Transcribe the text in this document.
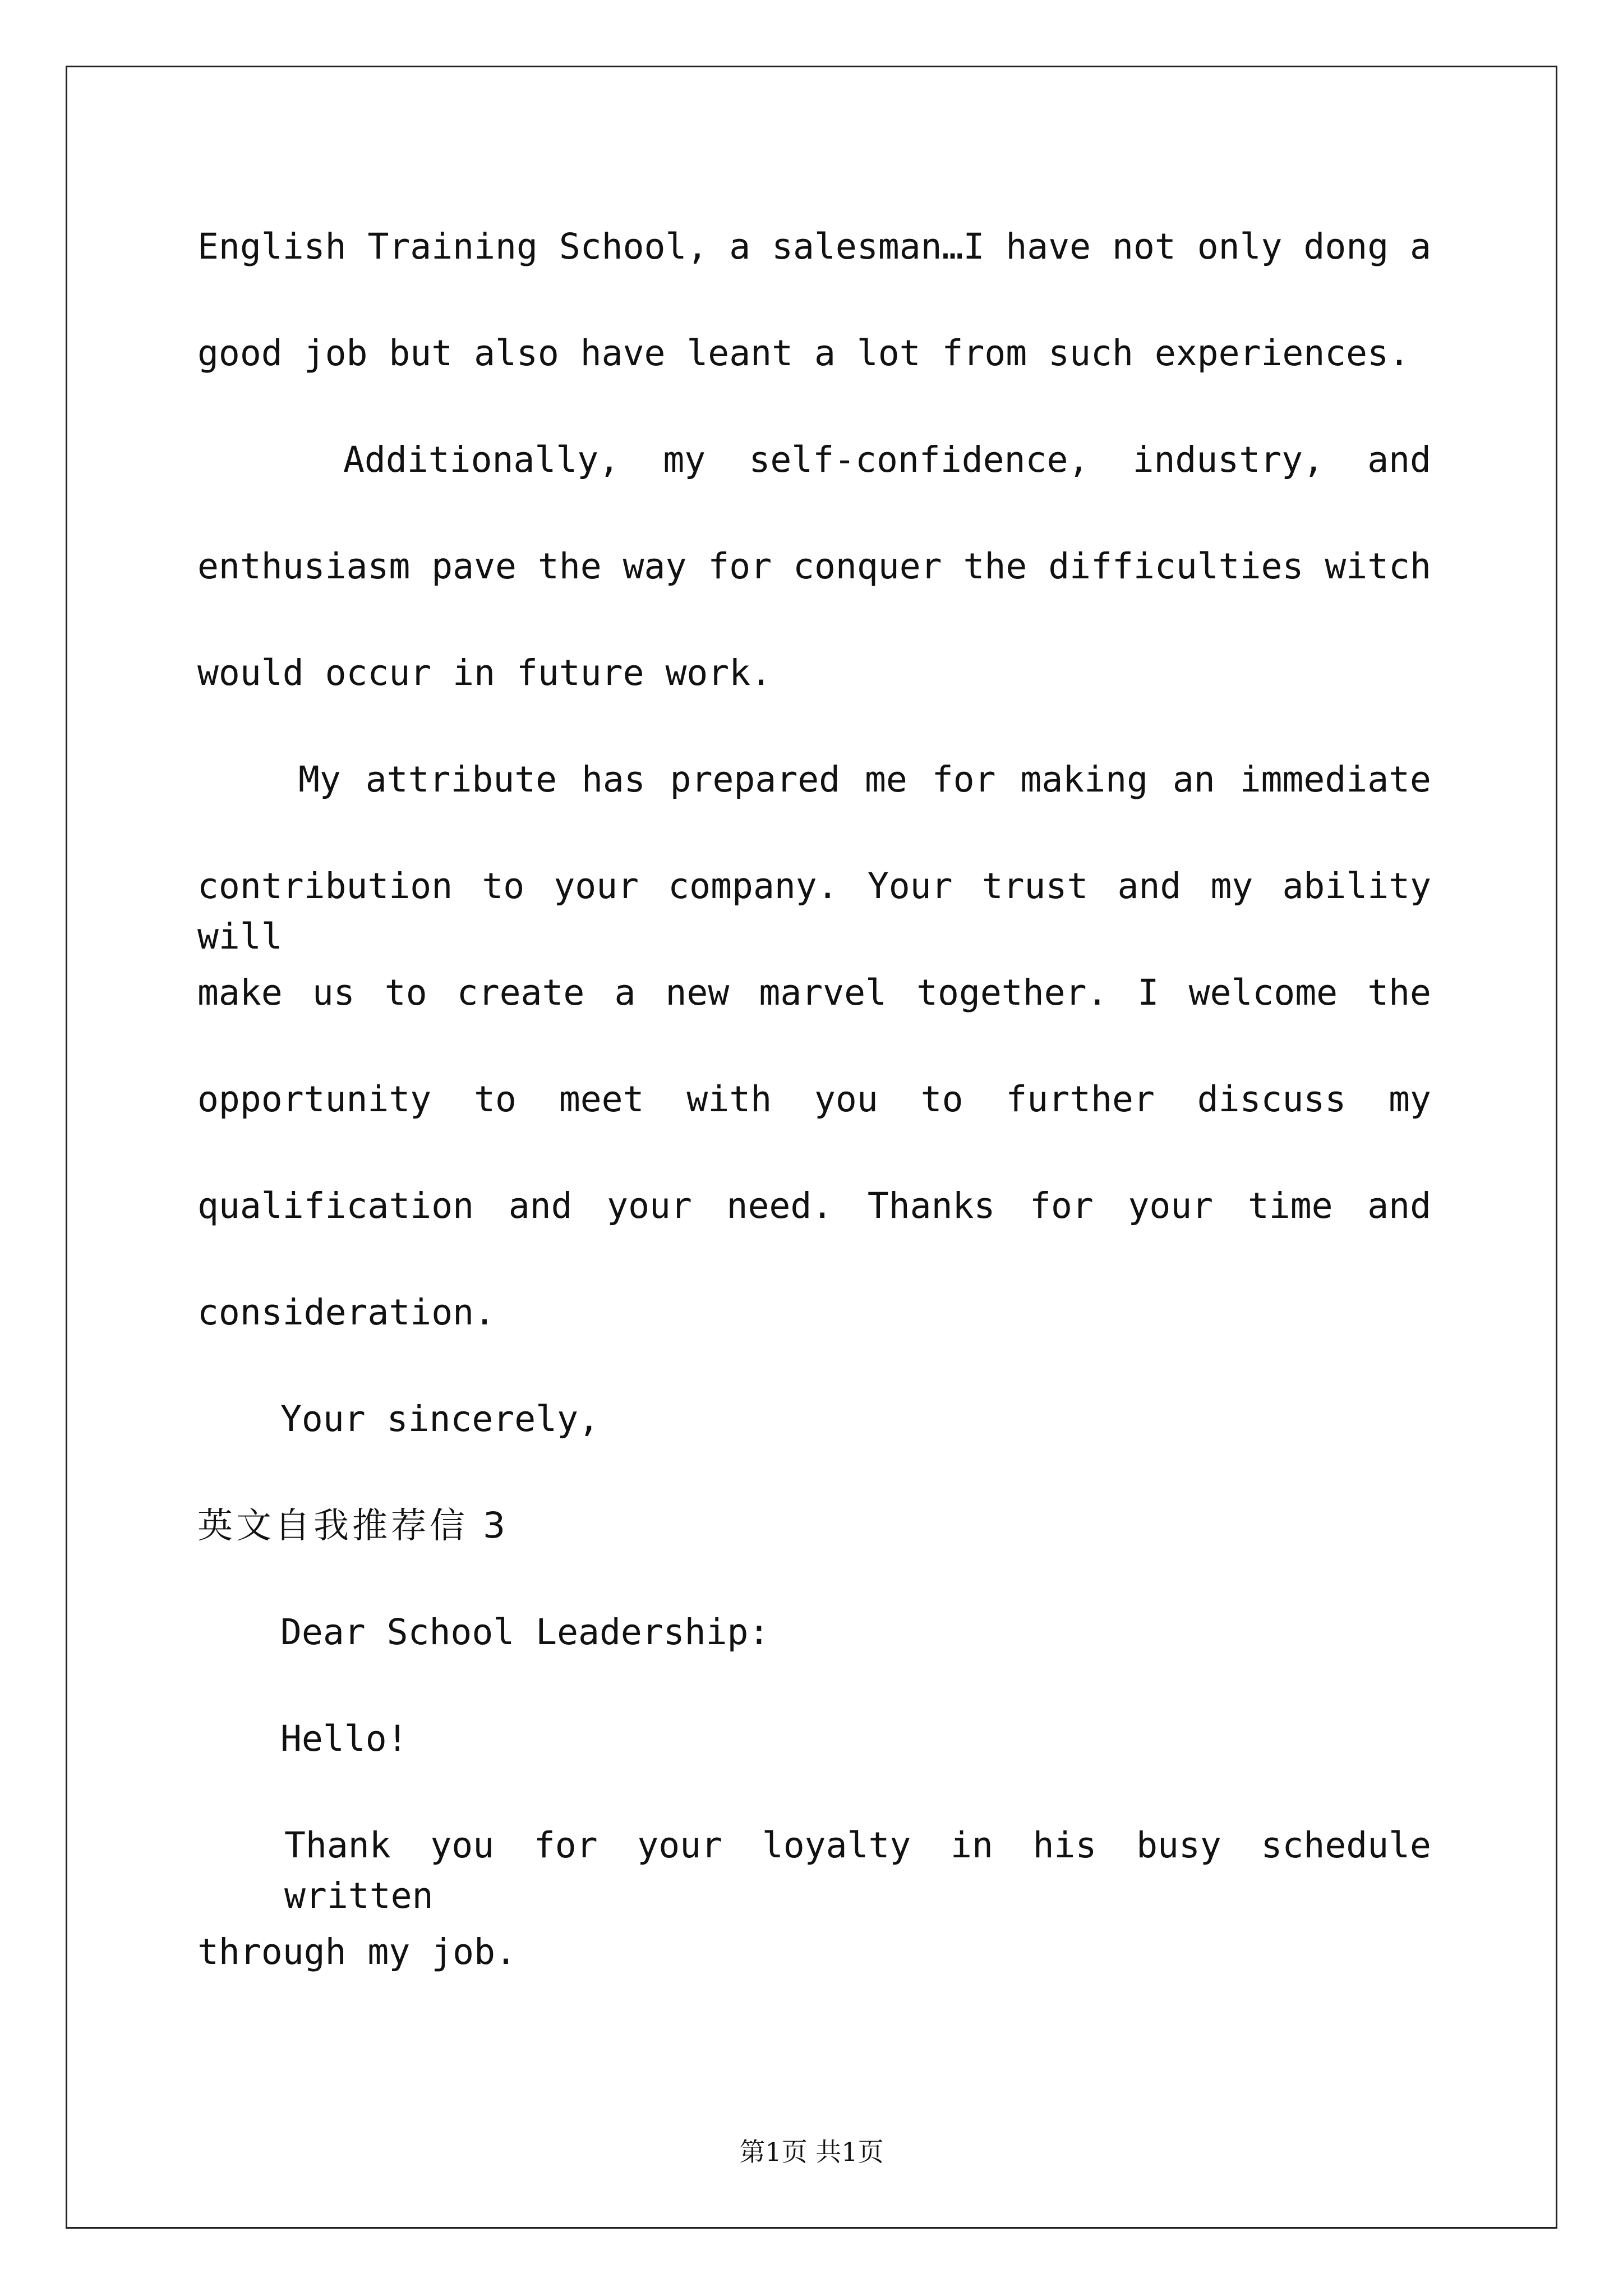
English Training School, a salesman…I have not only dong a
good job but also have leant a lot from such experiences.
Additionally, my self-confidence, industry, and
enthusiasm pave the way for conquer the difficulties witch
would occur in future work.
My attribute has prepared me for making an immediate
contribution to your company. Your trust and my ability will
make us to create a new marvel together. I welcome the
opportunity to meet with you to further discuss my
qualification and your need. Thanks for your time and
consideration.
Your sincerely,
英文自我推荐信 3
Dear School Leadership:
Hello!
Thank you for your loyalty in his busy schedule written
through my job.
第1页 共1页
